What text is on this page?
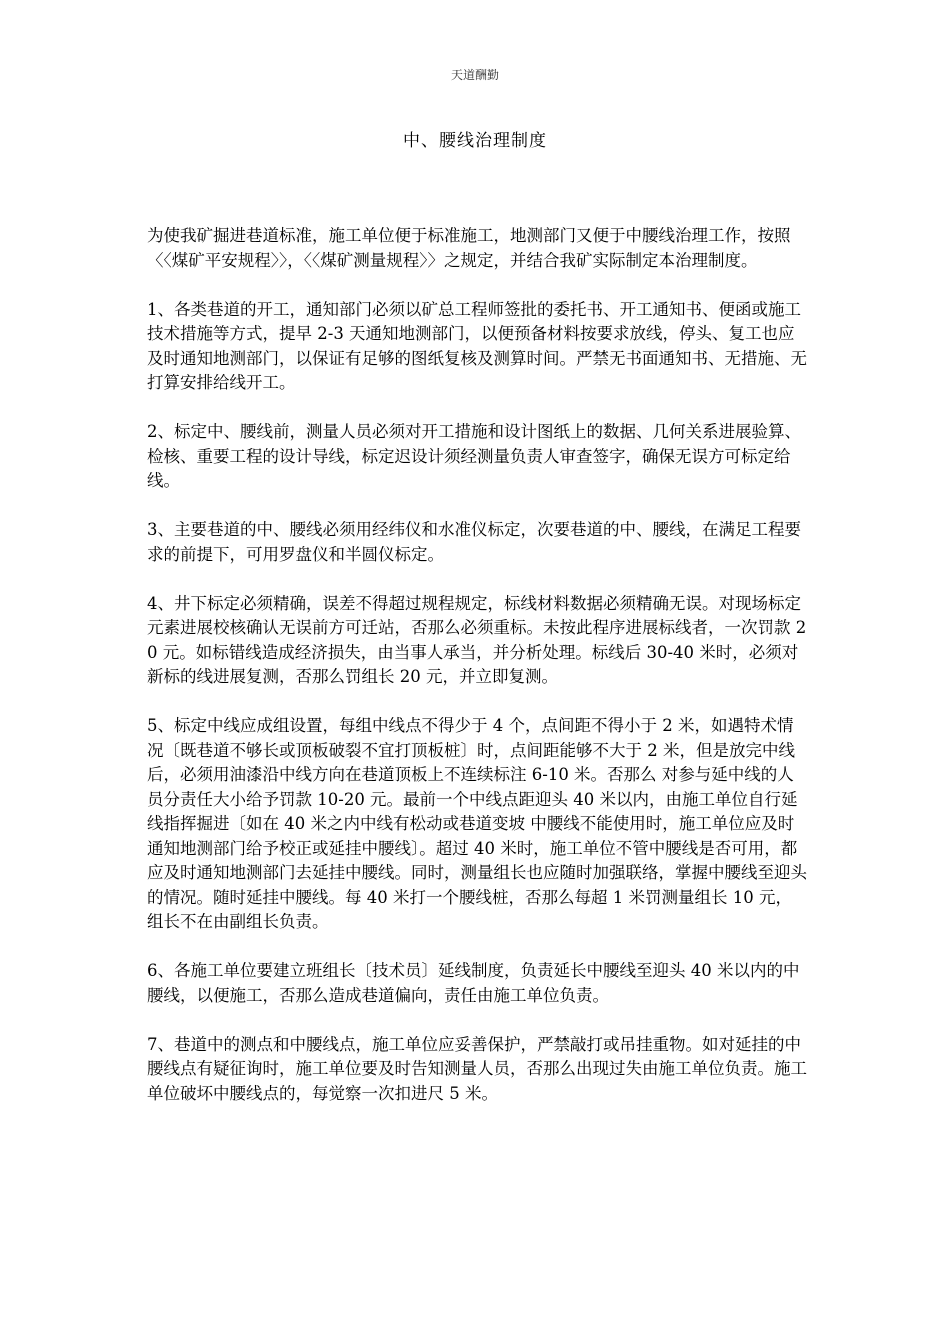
天道酬勤
中、腰线治理制度

为使我矿掘进巷道标准，施工单位便于标准施工，地测部门又便于中腰线治理工作，按照〈〈煤矿平安规程〉〉，〈〈煤矿测量规程〉〉之规定，并结合我矿实际制定本治理制度。

1、各类巷道的开工，通知部门必须以矿总工程师签批的委托书、开工通知书、便函或施工技术措施等方式，提早 2-3 天通知地测部门，以便预备材料按要求放线，停头、复工也应及时通知地测部门，以保证有足够的图纸复核及测算时间。严禁无书面通知书、无措施、无打算安排给线开工。

2、标定中、腰线前，测量人员必须对开工措施和设计图纸上的数据、几何关系进展验算、检核、重要工程的设计导线，标定迟设计须经测量负责人审查签字，确保无误方可标定给线。

3、主要巷道的中、腰线必须用经纬仪和水准仪标定，次要巷道的中、腰线，在满足工程要求的前提下，可用罗盘仪和半圆仪标定。

4、井下标定必须精确，误差不得超过规程规定，标线材料数据必须精确无误。对现场标定元素进展校核确认无误前方可迁站，否那么必须重标。未按此程序进展标线者，一次罚款 20 元。如标错线造成经济损失，由当事人承当，并分析处理。标线后 30-40 米时，必须对新标的线进展复测，否那么罚组长 20 元，并立即复测。

5、标定中线应成组设置，每组中线点不得少于 4 个，点间距不得小于 2 米，如遇特术情况〔既巷道不够长或顶板破裂不宜打顶板桩〕时，点间距能够不大于 2 米，但是放完中线后，必须用油漆沿中线方向在巷道顶板上不连续标注 6-10 米。否那么 对参与延中线的人员分责任大小给予罚款 10-20 元。最前一个中线点距迎头 40 米以内，由施工单位自行延线指挥掘进〔如在 40 米之内中线有松动或巷道变坡 中腰线不能使用时，施工单位应及时通知地测部门给予校正或延挂中腰线〕。超过 40 米时，施工单位不管中腰线是否可用，都应及时通知地测部门去延挂中腰线。同时，测量组长也应随时加强联络，掌握中腰线至迎头的情况。随时延挂中腰线。每 40 米打一个腰线桩，否那么每超 1 米罚测量组长 10 元，组长不在由副组长负责。

6、各施工单位要建立班组长〔技术员〕延线制度，负责延长中腰线至迎头 40 米以内的中腰线，以便施工，否那么造成巷道偏向，责任由施工单位负责。

7、巷道中的测点和中腰线点，施工单位应妥善保护，严禁敲打或吊挂重物。如对延挂的中腰线点有疑征询时，施工单位要及时告知测量人员，否那么出现过失由施工单位负责。施工单位破坏中腰线点的，每觉察一次扣进尺 5 米。
